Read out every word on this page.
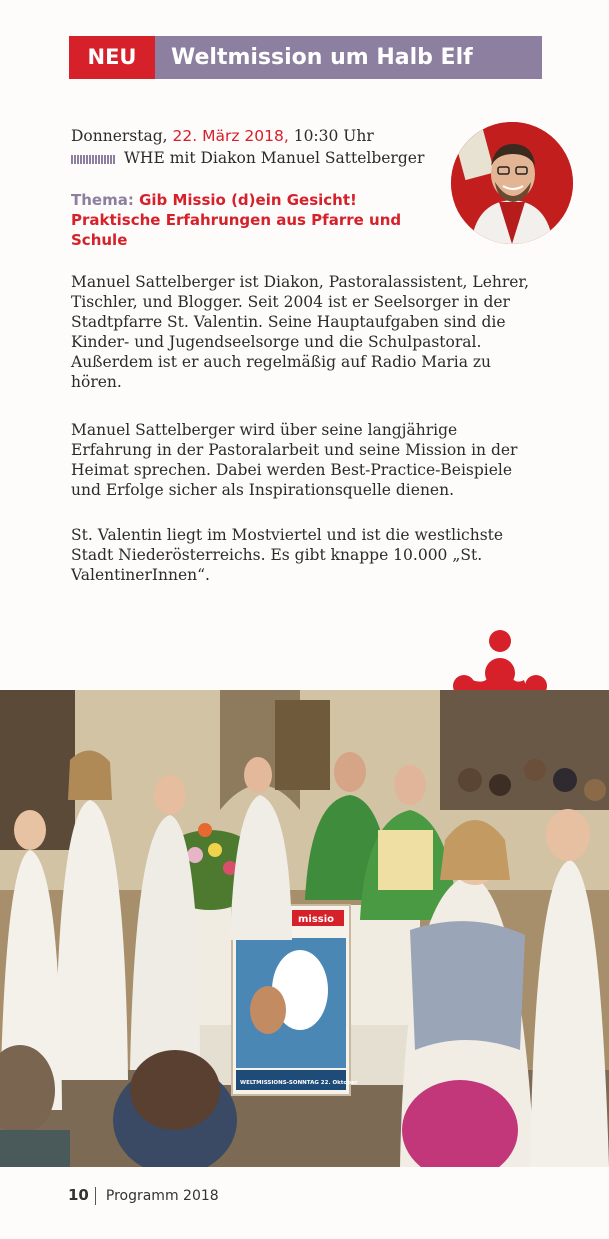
NEU	Weltmission um Halb Elf
Donnerstag, 22. März 2018, 10:30 Uhr
WHE mit Diakon Manuel Sattelberger
Thema: Gib Missio (d)ein Gesicht! Praktische Erfahrungen aus Pfarre und Schule

Manuel Sattelberger ist Diakon, Pastoralassistent, Lehrer, Tischler, und Blogger. Seit 2004 ist er Seelsorger in der Stadtpfarre St. Valentin. Seine Hauptaufgaben sind die Kinder- und Jugendseelsorge und die Schulpastoral. Außerdem ist er auch regelmäßig auf Radio Maria zu hören.

Manuel Sattelberger wird über seine langjährige Erfahrung in der Pastoralarbeit und seine Mission in der Heimat sprechen. Dabei werden Best-Practice-Beispiele und Erfolge sicher als Inspirationsquelle dienen.

St. Valentin liegt im Mostviertel und ist die westlichste Stadt Niederösterreichs. Es gibt knappe 10.000 „St. ValentinerInnen“.

missio
WELTMISSIONS-SONNTAG 22. Oktober
10 Programm 2018
